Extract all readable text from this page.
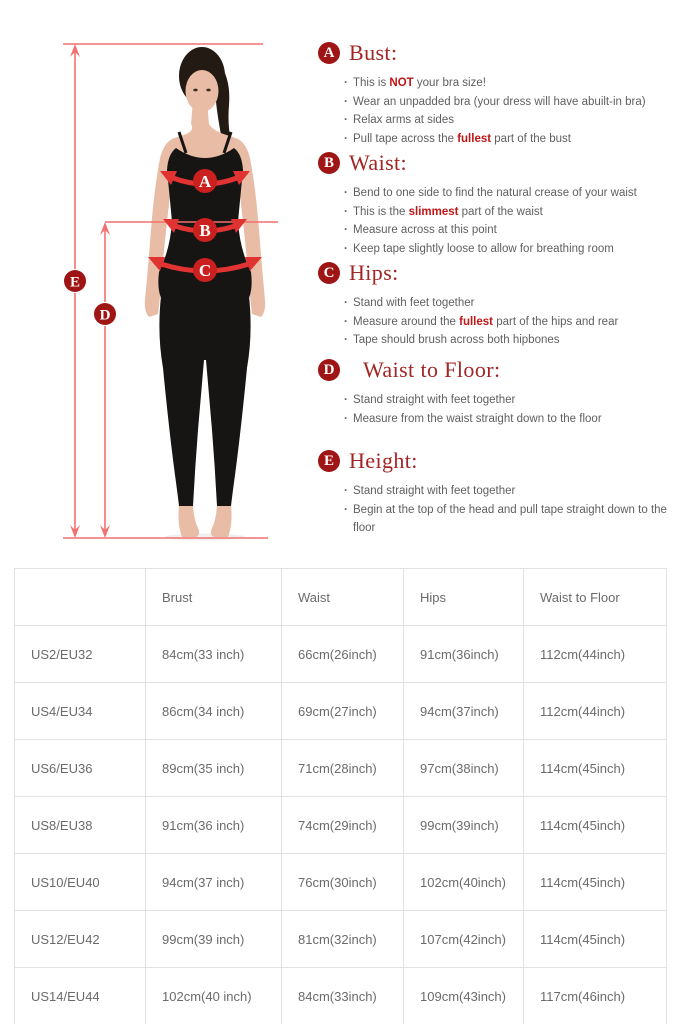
A
B
C
E
D
A Bust:
· This is NOT your bra size!
· Wear an unpadded bra (your dress will have abuilt-in bra)
· Relax arms at sides
· Pull tape across the fullest part of the bust
B Waist:
· Bend to one side to find the natural crease of your waist
· This is the slimmest part of the waist
· Measure across at this point
· Keep tape slightly loose to allow for breathing room
C Hips:
· Stand with feet together
· Measure around the fullest part of the hips and rear
· Tape should brush across both hipbones
D Waist to Floor:
· Stand straight with feet together
· Measure from the waist straight down to the floor
E Height:
· Stand straight with feet together
· Begin at the top of the head and pull tape straight down to the floor
	Brust	Waist	Hips	Waist to Floor
US2/EU32	84cm(33 inch)	66cm(26inch)	91cm(36inch)	112cm(44inch)
US4/EU34	86cm(34 inch)	69cm(27inch)	94cm(37inch)	112cm(44inch)
US6/EU36	89cm(35 inch)	71cm(28inch)	97cm(38inch)	114cm(45inch)
US8/EU38	91cm(36 inch)	74cm(29inch)	99cm(39inch)	114cm(45inch)
US10/EU40	94cm(37 inch)	76cm(30inch)	102cm(40inch)	114cm(45inch)
US12/EU42	99cm(39 inch)	81cm(32inch)	107cm(42inch)	114cm(45inch)
US14/EU44	102cm(40 inch)	84cm(33inch)	109cm(43inch)	117cm(46inch)
